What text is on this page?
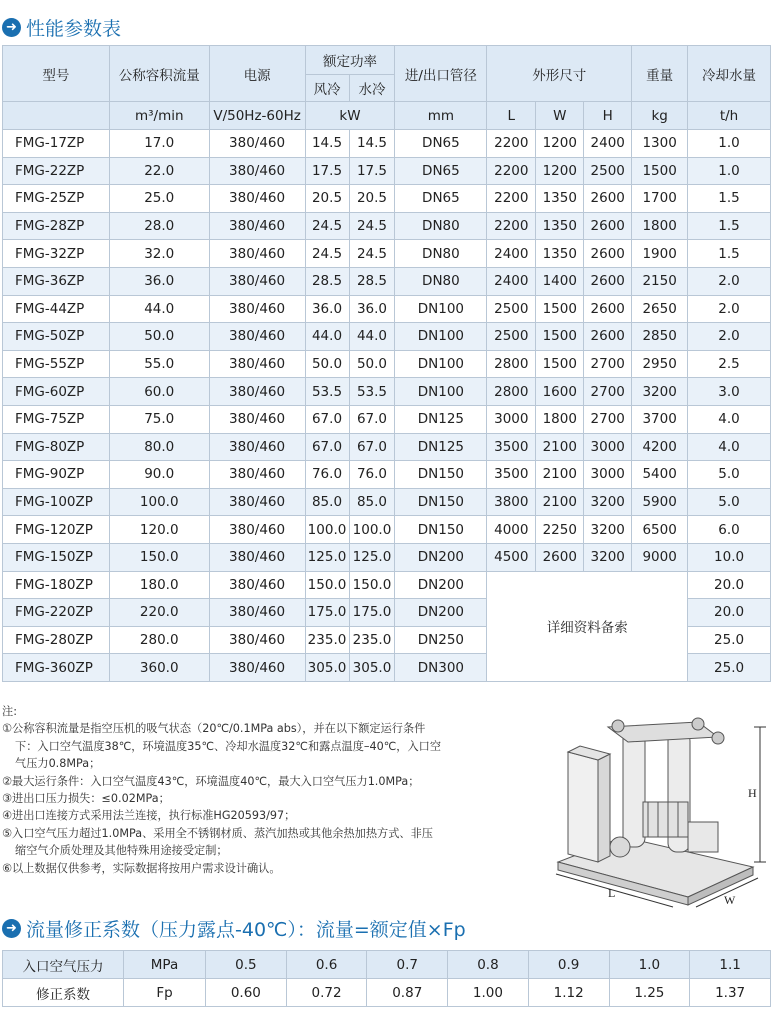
➜ 性能参数表
型号	公称容积流量	电源	额定功率		进/出口管径	外形尺寸			重量	冷却水量
			风冷	水冷						
	m³/min	V/50Hz-60Hz	kW		mm	L	W	H	kg	t/h
FMG-17ZP	17.0	380/460	14.5	14.5	DN65	2200	1200	2400	1300	1.0
FMG-22ZP	22.0	380/460	17.5	17.5	DN65	2200	1200	2500	1500	1.0
FMG-25ZP	25.0	380/460	20.5	20.5	DN65	2200	1350	2600	1700	1.5
FMG-28ZP	28.0	380/460	24.5	24.5	DN80	2200	1350	2600	1800	1.5
FMG-32ZP	32.0	380/460	24.5	24.5	DN80	2400	1350	2600	1900	1.5
FMG-36ZP	36.0	380/460	28.5	28.5	DN80	2400	1400	2600	2150	2.0
FMG-44ZP	44.0	380/460	36.0	36.0	DN100	2500	1500	2600	2650	2.0
FMG-50ZP	50.0	380/460	44.0	44.0	DN100	2500	1500	2600	2850	2.0
FMG-55ZP	55.0	380/460	50.0	50.0	DN100	2800	1500	2700	2950	2.5
FMG-60ZP	60.0	380/460	53.5	53.5	DN100	2800	1600	2700	3200	3.0
FMG-75ZP	75.0	380/460	67.0	67.0	DN125	3000	1800	2700	3700	4.0
FMG-80ZP	80.0	380/460	67.0	67.0	DN125	3500	2100	3000	4200	4.0
FMG-90ZP	90.0	380/460	76.0	76.0	DN150	3500	2100	3000	5400	5.0
FMG-100ZP	100.0	380/460	85.0	85.0	DN150	3800	2100	3200	5900	5.0
FMG-120ZP	120.0	380/460	100.0	100.0	DN150	4000	2250	3200	6500	6.0
FMG-150ZP	150.0	380/460	125.0	125.0	DN200	4500	2600	3200	9000	10.0
FMG-180ZP	180.0	380/460	150.0	150.0	DN200	详细资料备索				20.0
FMG-220ZP	220.0	380/460	175.0	175.0	DN200					20.0
FMG-280ZP	280.0	380/460	235.0	235.0	DN250					25.0
FMG-360ZP	360.0	380/460	305.0	305.0	DN300					25.0

注:

①公称容积流量是指空压机的吸气状态（20℃/0.1MPa abs），并在以下额定运行条件

下：入口空气温度38℃，环境温度35℃、冷却水温度32℃和露点温度–40℃，入口空

气压力0.8MPa；

②最大运行条件：入口空气温度43℃，环境温度40℃，最大入口空气压力1.0MPa；

③进出口压力损失：≤0.02MPa；

④进出口连接方式采用法兰连接，执行标准HG20593/97；

⑤入口空气压力超过1.0MPa、采用全不锈钢材质、蒸汽加热或其他余热加热方式、非压

缩空气介质处理及其他特殊用途接受定制；

⑥以上数据仅供参考，实际数据将按用户需求设计确认。

H
L	W
➜ 流量修正系数（压力露点-40℃）：流量=额定值×Fp
入口空气压力	MPa	0.5	0.6	0.7	0.8	0.9	1.0	1.1
修正系数	Fp	0.60	0.72	0.87	1.00	1.12	1.25	1.37
